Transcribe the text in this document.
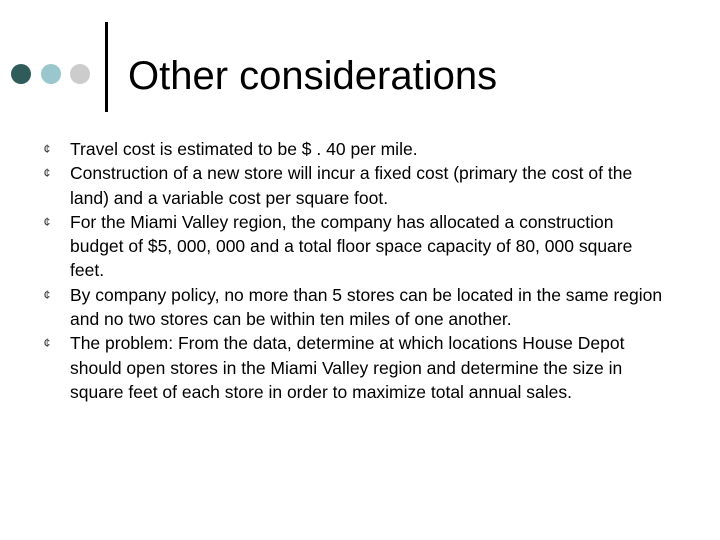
Other considerations
¢ Travel cost is estimated to be $ . 40 per mile.
¢ Construction of a new store will incur a fixed cost (primary the cost of the land) and a variable cost per square foot.
¢ For the Miami Valley region, the company has allocated a construction budget of $5, 000, 000 and a total floor space capacity of 80, 000 square feet.
¢ By company policy, no more than 5 stores can be located in the same region and no two stores can be within ten miles of one another.
¢ The problem: From the data, determine at which locations House Depot should open stores in the Miami Valley region and determine the size in square feet of each store in order to maximize total annual sales.
